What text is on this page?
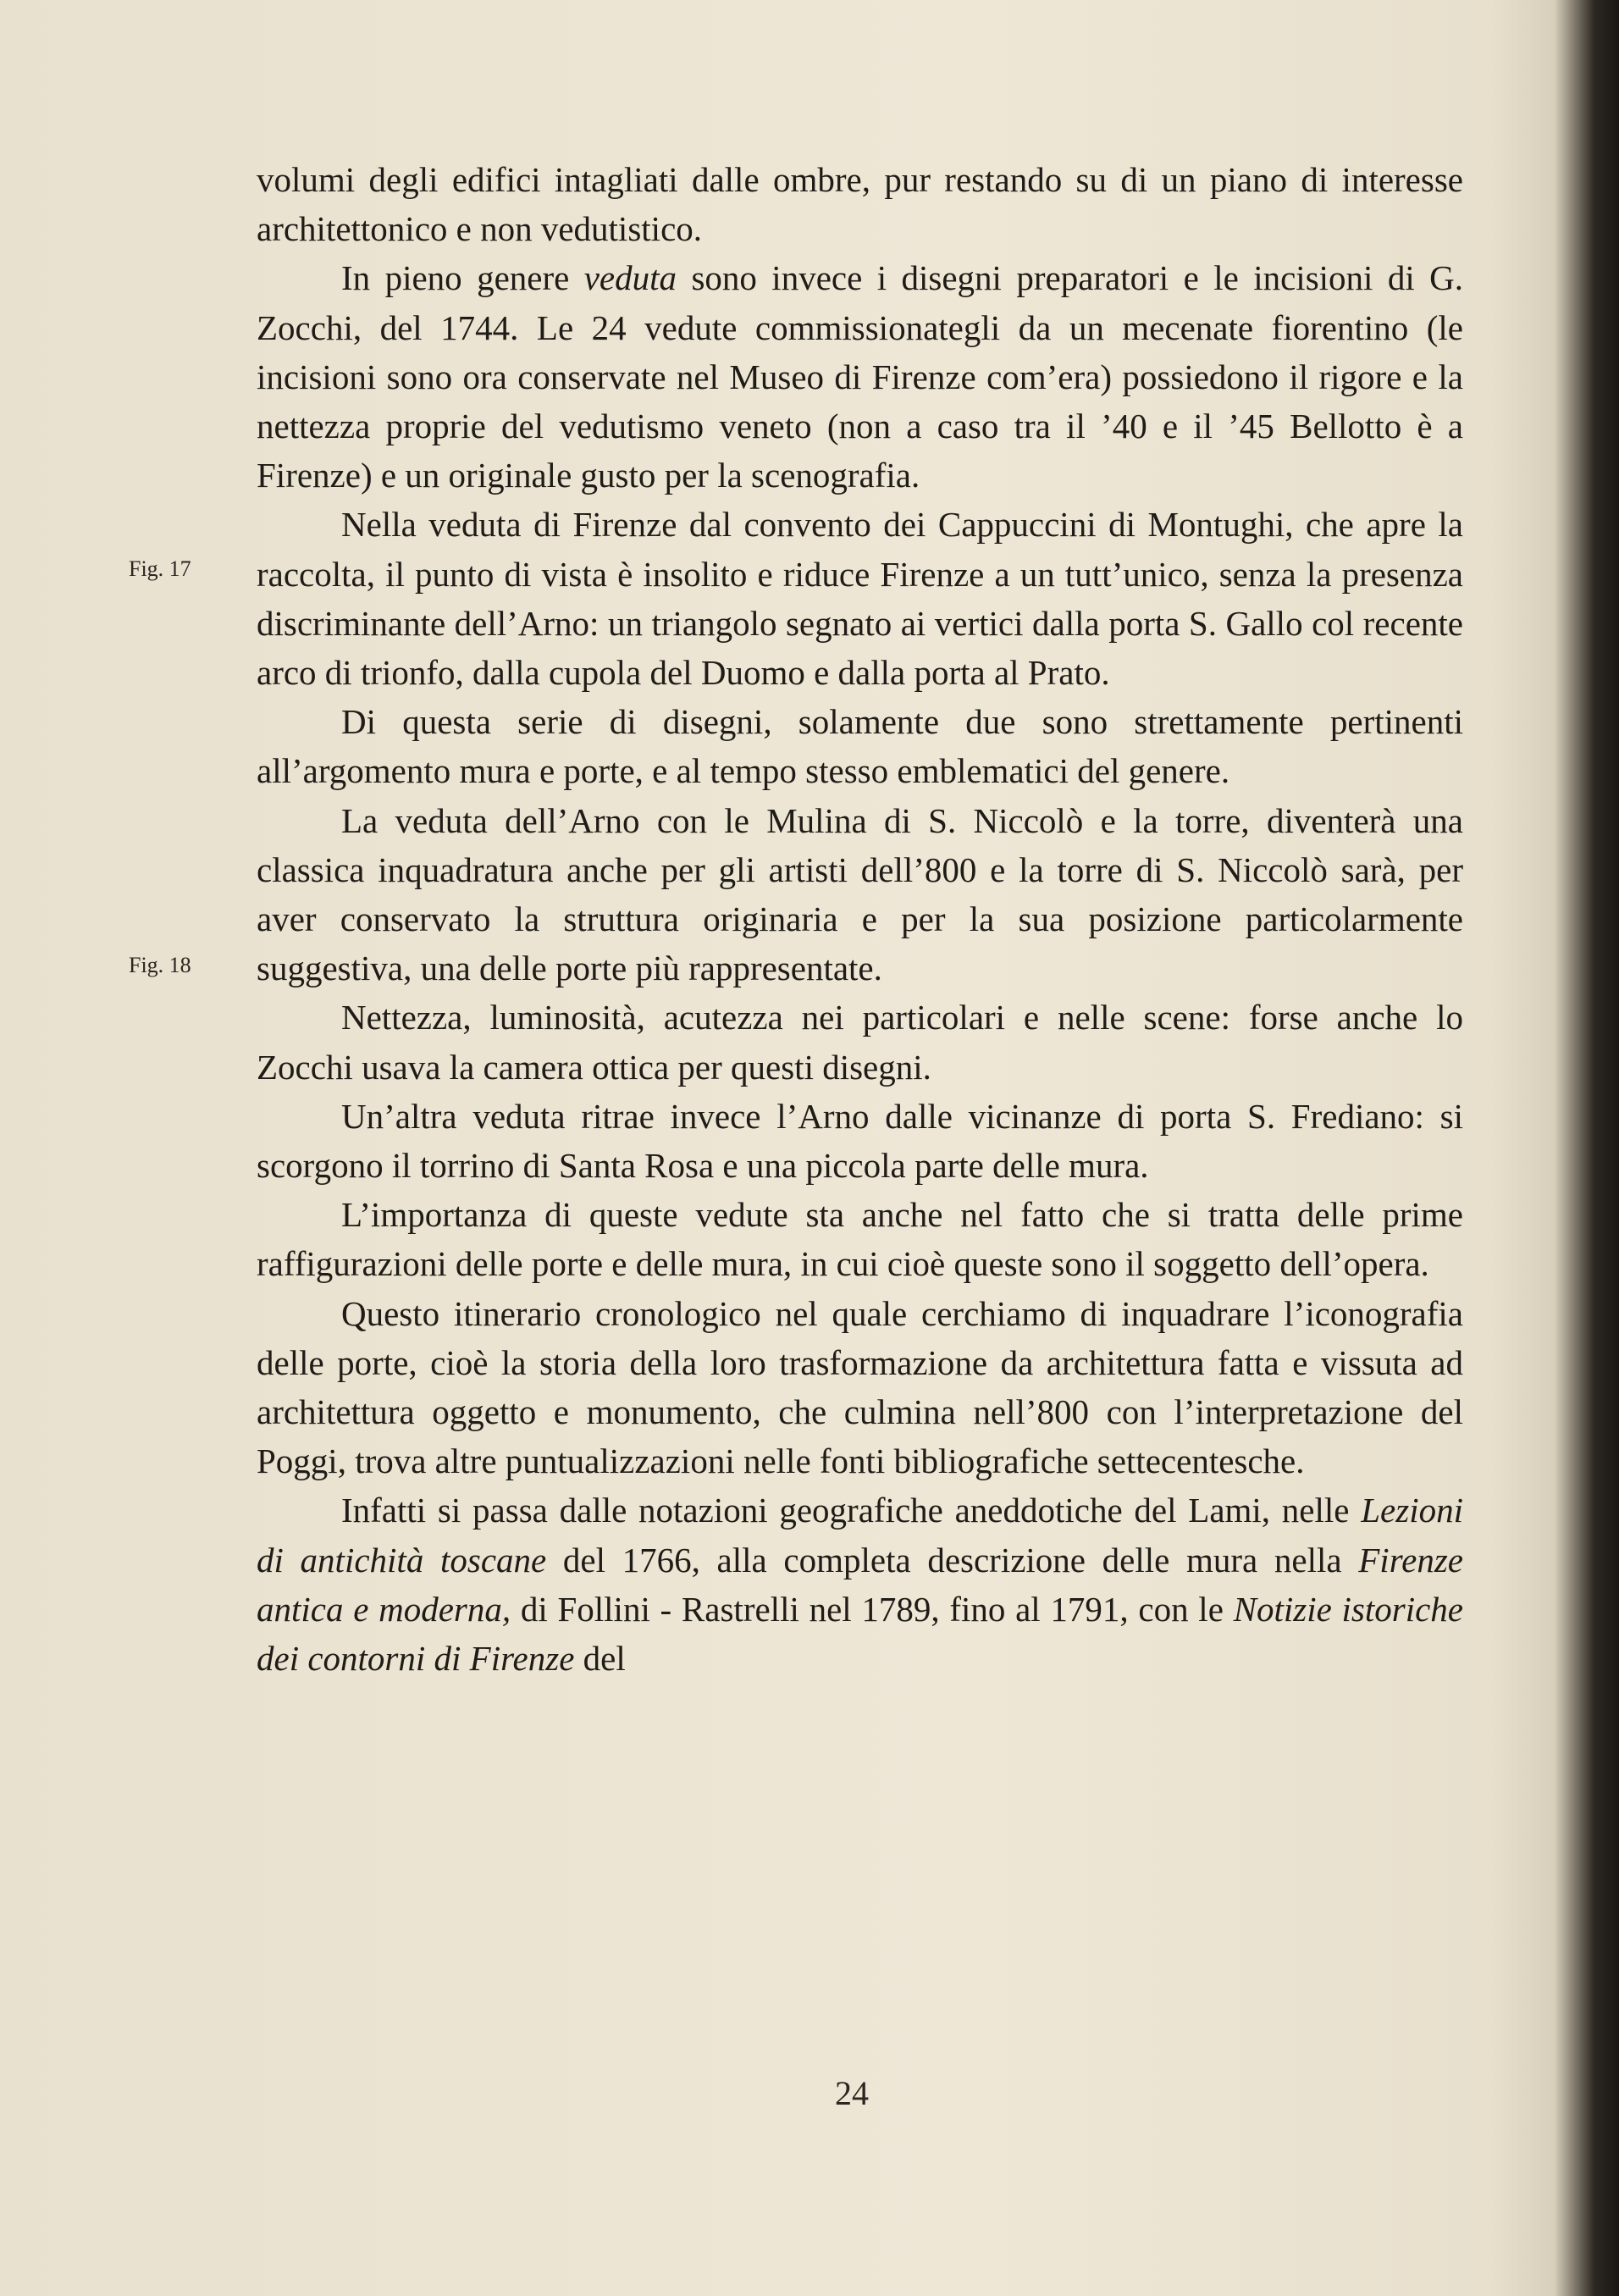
Fig. 17
Fig. 18

volumi degli edifici intagliati dalle ombre, pur restando su di un piano di interesse architettonico e non vedutistico.

In pieno genere veduta sono invece i disegni preparatori e le incisioni di G. Zocchi, del 1744. Le 24 vedute commissionategli da un mecenate fiorentino (le incisioni sono ora conservate nel Museo di Firenze com’era) possiedono il rigore e la nettezza proprie del vedutismo veneto (non a caso tra il ’40 e il ’45 Bellotto è a Firenze) e un originale gusto per la scenografia.

Nella veduta di Firenze dal convento dei Cappuccini di Montughi, che apre la raccolta, il punto di vista è insolito e riduce Firenze a un tutt’unico, senza la presenza discriminante dell’Arno: un triangolo segnato ai vertici dalla porta S. Gallo col recente arco di trionfo, dalla cupola del Duomo e dalla porta al Prato.

Di questa serie di disegni, solamente due sono strettamente pertinenti all’argomento mura e porte, e al tempo stesso emblematici del genere.

La veduta dell’Arno con le Mulina di S. Niccolò e la torre, diventerà una classica inquadratura anche per gli artisti dell’800 e la torre di S. Niccolò sarà, per aver conservato la struttura originaria e per la sua posizione particolarmente suggestiva, una delle porte più rappresentate.

Nettezza, luminosità, acutezza nei particolari e nelle scene: forse anche lo Zocchi usava la camera ottica per questi disegni.

Un’altra veduta ritrae invece l’Arno dalle vicinanze di porta S. Frediano: si scorgono il torrino di Santa Rosa e una piccola parte delle mura.

L’importanza di queste vedute sta anche nel fatto che si tratta delle prime raffigurazioni delle porte e delle mura, in cui cioè queste sono il soggetto dell’opera.

Questo itinerario cronologico nel quale cerchiamo di inquadrare l’iconografia delle porte, cioè la storia della loro trasformazione da architettura fatta e vissuta ad architettura oggetto e monumento, che culmina nell’800 con l’interpretazione del Poggi, trova altre puntualizzazioni nelle fonti bibliografiche settecentesche.

Infatti si passa dalle notazioni geografiche aneddotiche del Lami, nelle Lezioni di antichità toscane del 1766, alla completa descrizione delle mura nella Firenze antica e moderna, di Follini - Rastrelli nel 1789, fino al 1791, con le Notizie istoriche dei contorni di Firenze del

24
